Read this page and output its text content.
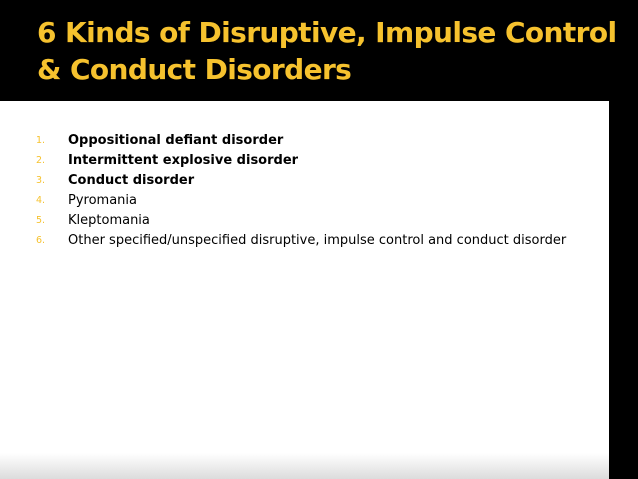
6 Kinds of Disruptive, Impulse Control
& Conduct Disorders
1.	Oppositional defiant disorder
2.	Intermittent explosive disorder
3.	Conduct disorder
4.	Pyromania
5.	Kleptomania
6.	Other specified/unspecified disruptive, impulse control and conduct disorder
